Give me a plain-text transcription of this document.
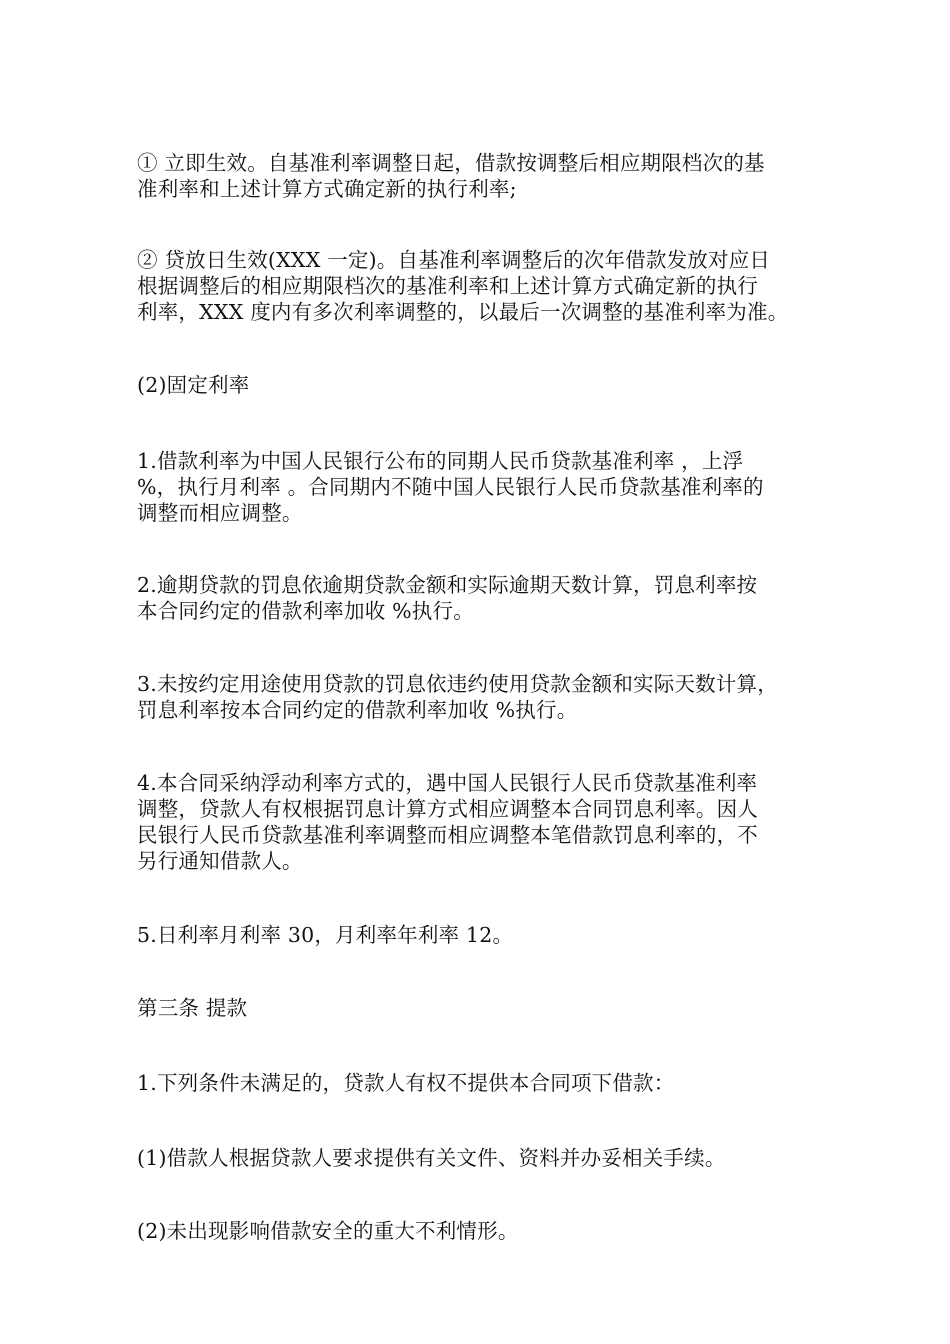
① 立即生效。自基准利率调整日起，借款按调整后相应期限档次的基
准利率和上述计算方式确定新的执行利率;

② 贷放日生效(XXX 一定)。自基准利率调整后的次年借款发放对应日
根据调整后的相应期限档次的基准利率和上述计算方式确定新的执行
利率，XXX 度内有多次利率调整的，以最后一次调整的基准利率为准。

(2)固定利率

1.借款利率为中国人民银行公布的同期人民币贷款基准利率 ，上浮
%，执行月利率 。合同期内不随中国人民银行人民币贷款基准利率的
调整而相应调整。

2.逾期贷款的罚息依逾期贷款金额和实际逾期天数计算，罚息利率按
本合同约定的借款利率加收 %执行。

3.未按约定用途使用贷款的罚息依违约使用贷款金额和实际天数计算，
罚息利率按本合同约定的借款利率加收 %执行。

4.本合同采纳浮动利率方式的，遇中国人民银行人民币贷款基准利率
调整，贷款人有权根据罚息计算方式相应调整本合同罚息利率。因人
民银行人民币贷款基准利率调整而相应调整本笔借款罚息利率的，不
另行通知借款人。

5.日利率月利率 30，月利率年利率 12。

第三条 提款

1.下列条件未满足的，贷款人有权不提供本合同项下借款：

(1)借款人根据贷款人要求提供有关文件、资料并办妥相关手续。

(2)未出现影响借款安全的重大不利情形。
